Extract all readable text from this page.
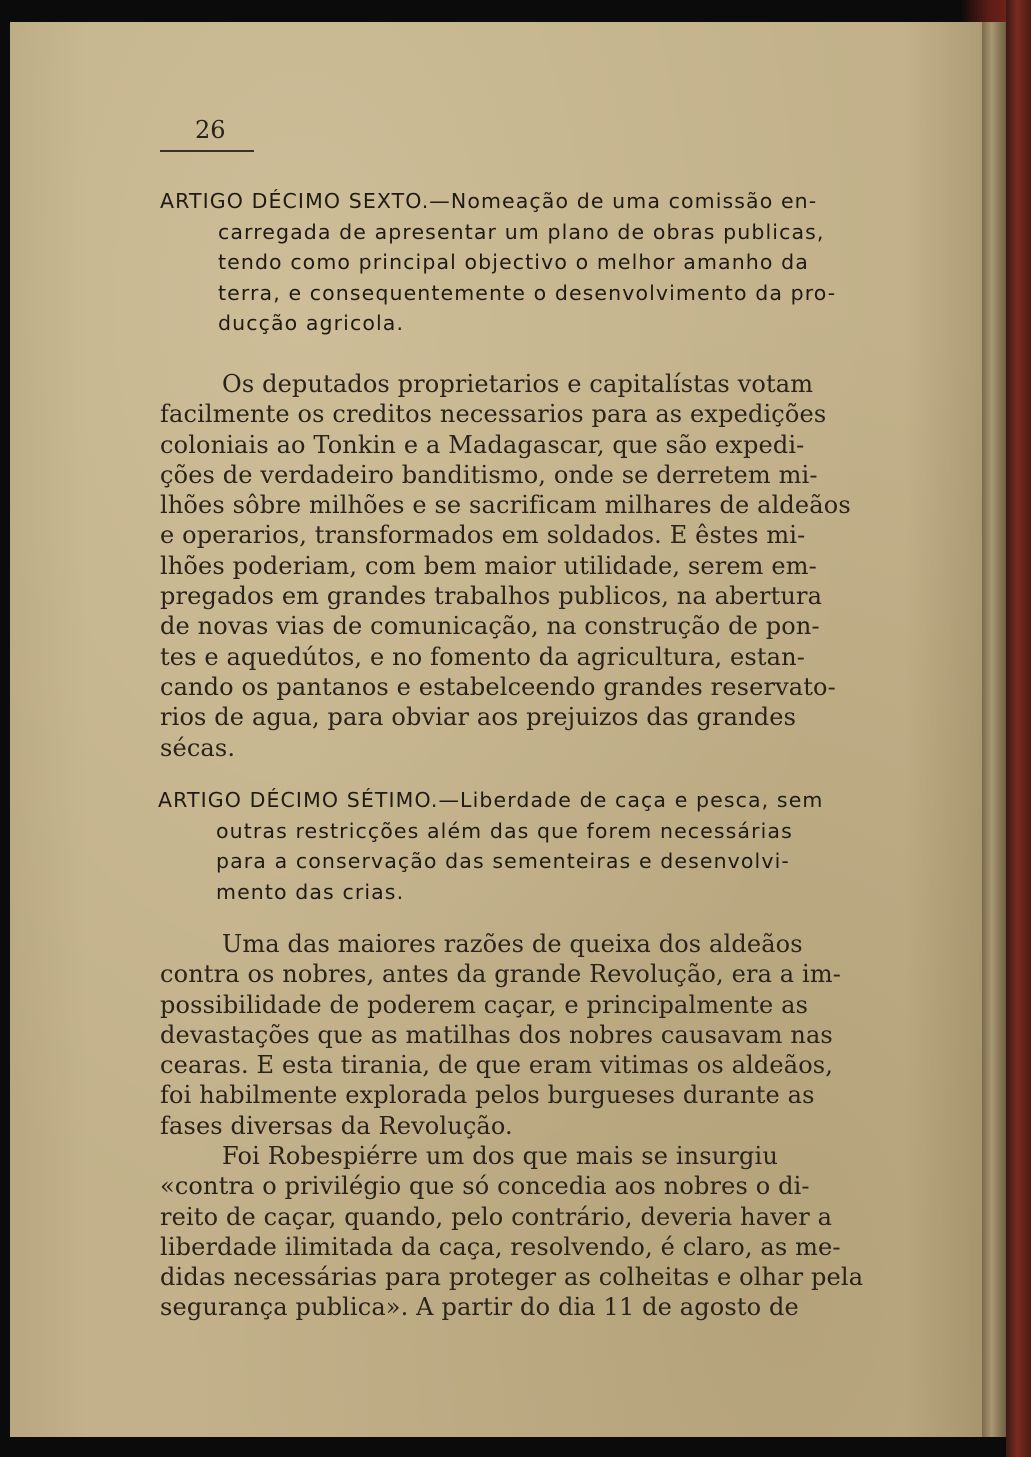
26
ARTIGO DÉCIMO SEXTO.—Nomeação de uma comissão en-
carregada de apresentar um plano de obras publicas,
tendo como principal objectivo o melhor amanho da
terra, e consequentemente o desenvolvimento da pro-
ducção agricola.
Os deputados proprietarios e capitalístas votam
facilmente os creditos necessarios para as expedições
coloniais ao Tonkin e a Madagascar, que são expedi-
ções de verdadeiro banditismo, onde se derretem mi-
lhões sôbre milhões e se sacrificam milhares de aldeãos
e operarios, transformados em soldados. E êstes mi-
lhões poderiam, com bem maior utilidade, serem em-
pregados em grandes trabalhos publicos, na abertura
de novas vias de comunicação, na construção de pon-
tes e aquedútos, e no fomento da agricultura, estan-
cando os pantanos e estabelceendo grandes reservato-
rios de agua, para obviar aos prejuizos das grandes
sécas.
ARTIGO DÉCIMO SÉTIMO.—Liberdade de caça e pesca, sem
outras restricções além das que forem necessárias
para a conservação das sementeiras e desenvolvi-
mento das crias.
Uma das maiores razões de queixa dos aldeãos
contra os nobres, antes da grande Revolução, era a im-
possibilidade de poderem caçar, e principalmente as
devastações que as matilhas dos nobres causavam nas
cearas. E esta tirania, de que eram vitimas os aldeãos,
foi habilmente explorada pelos burgueses durante as
fases diversas da Revolução.
Foi Robespiérre um dos que mais se insurgiu
«contra o privilégio que só concedia aos nobres o di-
reito de caçar, quando, pelo contrário, deveria haver a
liberdade ilimitada da caça, resolvendo, é claro, as me-
didas necessárias para proteger as colheitas e olhar pela
segurança publica». A partir do dia 11 de agosto de
